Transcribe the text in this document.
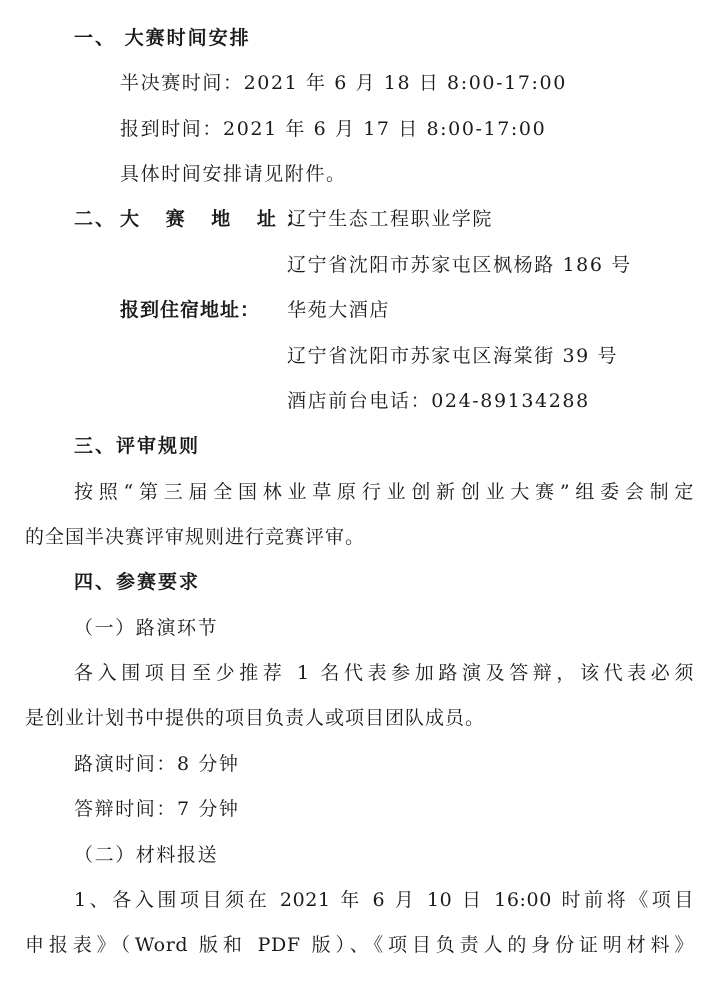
一、 大赛时间安排
半决赛时间：2021 年 6 月 18 日 8:00-17:00
报到时间：2021 年 6 月 17 日 8:00-17:00
具体时间安排请见附件。
二、 大 赛 地 址：
辽宁生态工程职业学院
辽宁省沈阳市苏家屯区枫杨路 186 号
报到住宿地址： 华苑大酒店
辽宁省沈阳市苏家屯区海棠街 39 号
酒店前台电话：024-89134288
三、评审规则
按照“第三届全国林业草原行业创新创业大赛”组委会制定
的全国半决赛评审规则进行竞赛评审。
四、参赛要求
（一）路演环节
各入围项目至少推荐 1 名代表参加路演及答辩，该代表必须
是创业计划书中提供的项目负责人或项目团队成员。
路演时间：8 分钟
答辩时间：7 分钟
（二）材料报送
1、各入围项目须在 2021 年 6 月 10 日 16:00 时前将《项目
申报表》（Word 版和 PDF 版）、《项目负责人的身份证明材料》
